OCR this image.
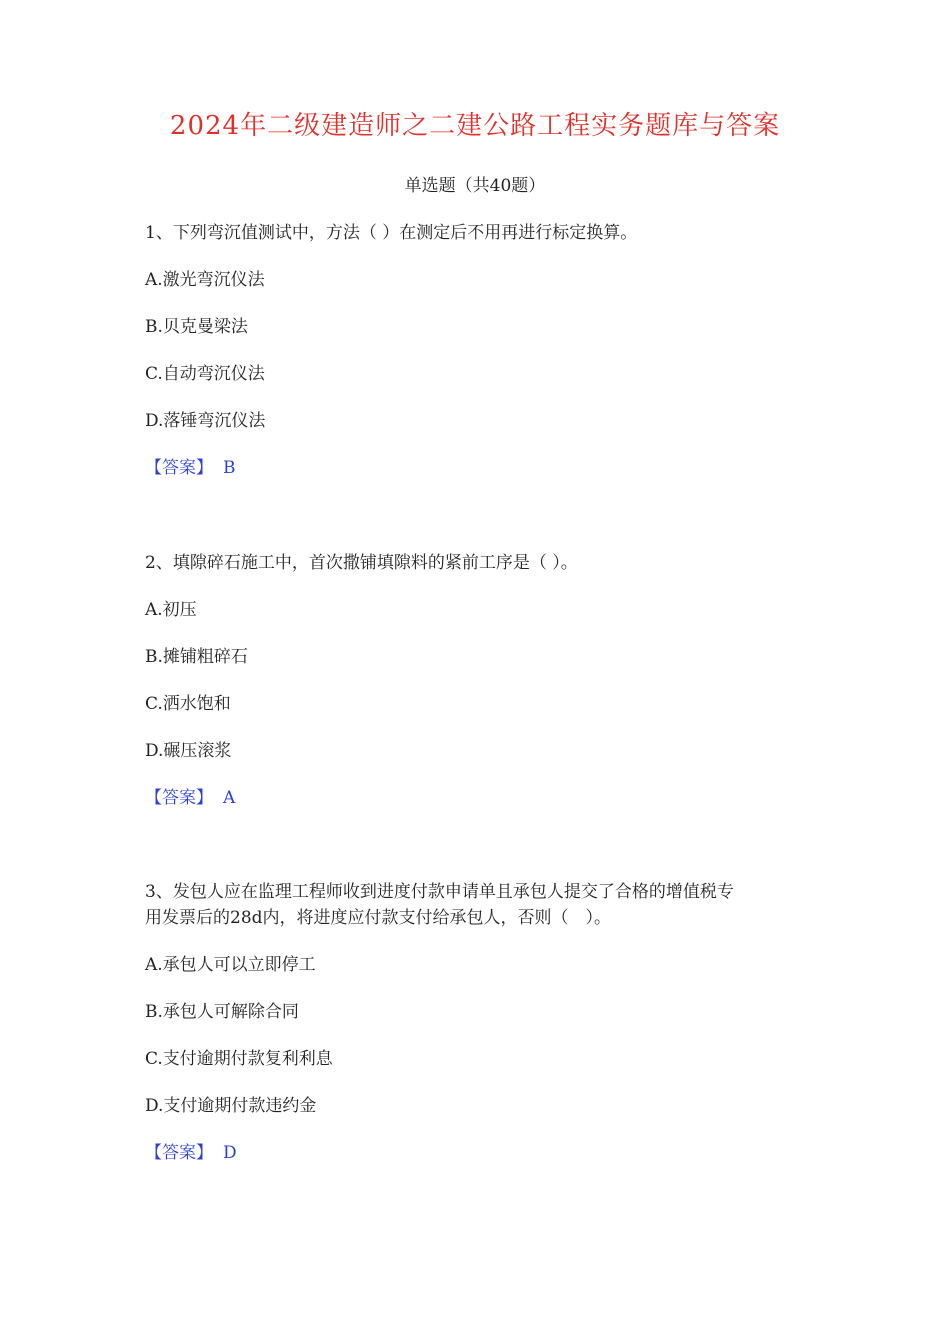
2024年二级建造师之二建公路工程实务题库与答案
单选题（共40题）
1、下列弯沉值测试中，方法（ ）在测定后不用再进行标定换算。
A.激光弯沉仪法
B.贝克曼梁法
C.自动弯沉仪法
D.落锤弯沉仪法
【答案】 B
2、填隙碎石施工中，首次撒铺填隙料的紧前工序是（ ）。
A.初压
B.摊铺粗碎石
C.洒水饱和
D.碾压滚浆
【答案】 A
3、发包人应在监理工程师收到进度付款申请单且承包人提交了合格的增值税专
用发票后的28d内，将进度应付款支付给承包人，否则（　）。
A.承包人可以立即停工
B.承包人可解除合同
C.支付逾期付款复利利息
D.支付逾期付款违约金
【答案】 D
